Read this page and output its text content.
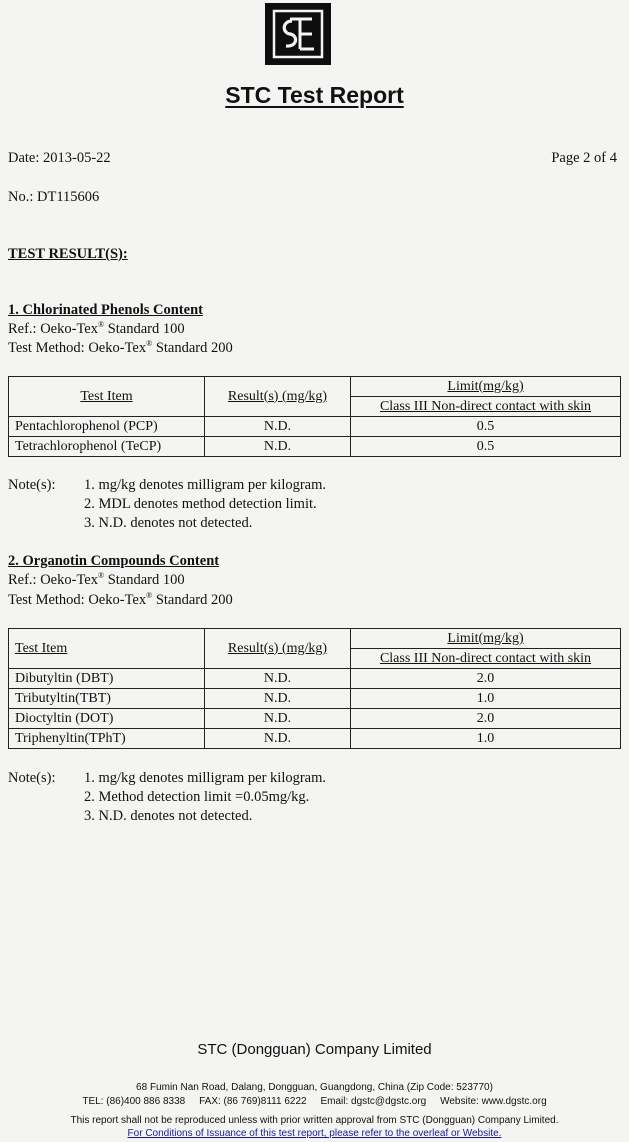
STC Test Report
Date: 2013-05-22	Page 2 of 4
No.: DT115606
TEST RESULT(S):
1. Chlorinated Phenols Content
Ref.: Oeko-Tex® Standard 100
Test Method: Oeko-Tex® Standard 200
Test Item	Result(s) (mg/kg)	Limit(mg/kg)
		Class III Non-direct contact with skin
Pentachlorophenol (PCP)	N.D.	0.5
Tetrachlorophenol (TeCP)	N.D.	0.5
Note(s): 1. mg/kg denotes milligram per kilogram.
2. MDL denotes method detection limit.
3. N.D. denotes not detected.
2. Organotin Compounds Content
Ref.: Oeko-Tex® Standard 100
Test Method: Oeko-Tex® Standard 200
Test Item	Result(s) (mg/kg)	Limit(mg/kg)
		Class III Non-direct contact with skin
Dibutyltin (DBT)	N.D.	2.0
Tributyltin(TBT)	N.D.	1.0
Dioctyltin (DOT)	N.D.	2.0
Triphenyltin(TPhT)	N.D.	1.0
Note(s): 1. mg/kg denotes milligram per kilogram.
2. Method detection limit =0.05mg/kg.
3. N.D. denotes not detected.
STC (Dongguan) Company Limited
68 Fumin Nan Road, Dalang, Dongguan, Guangdong, China (Zip Code: 523770)
TEL: (86)400 886 8338     FAX: (86 769)8111 6222     Email: dgstc@dgstc.org     Website: www.dgstc.org
This report shall not be reproduced unless with prior written approval from STC (Dongguan) Company Limited.
For Conditions of Issuance of this test report, please refer to the overleaf or Website.
